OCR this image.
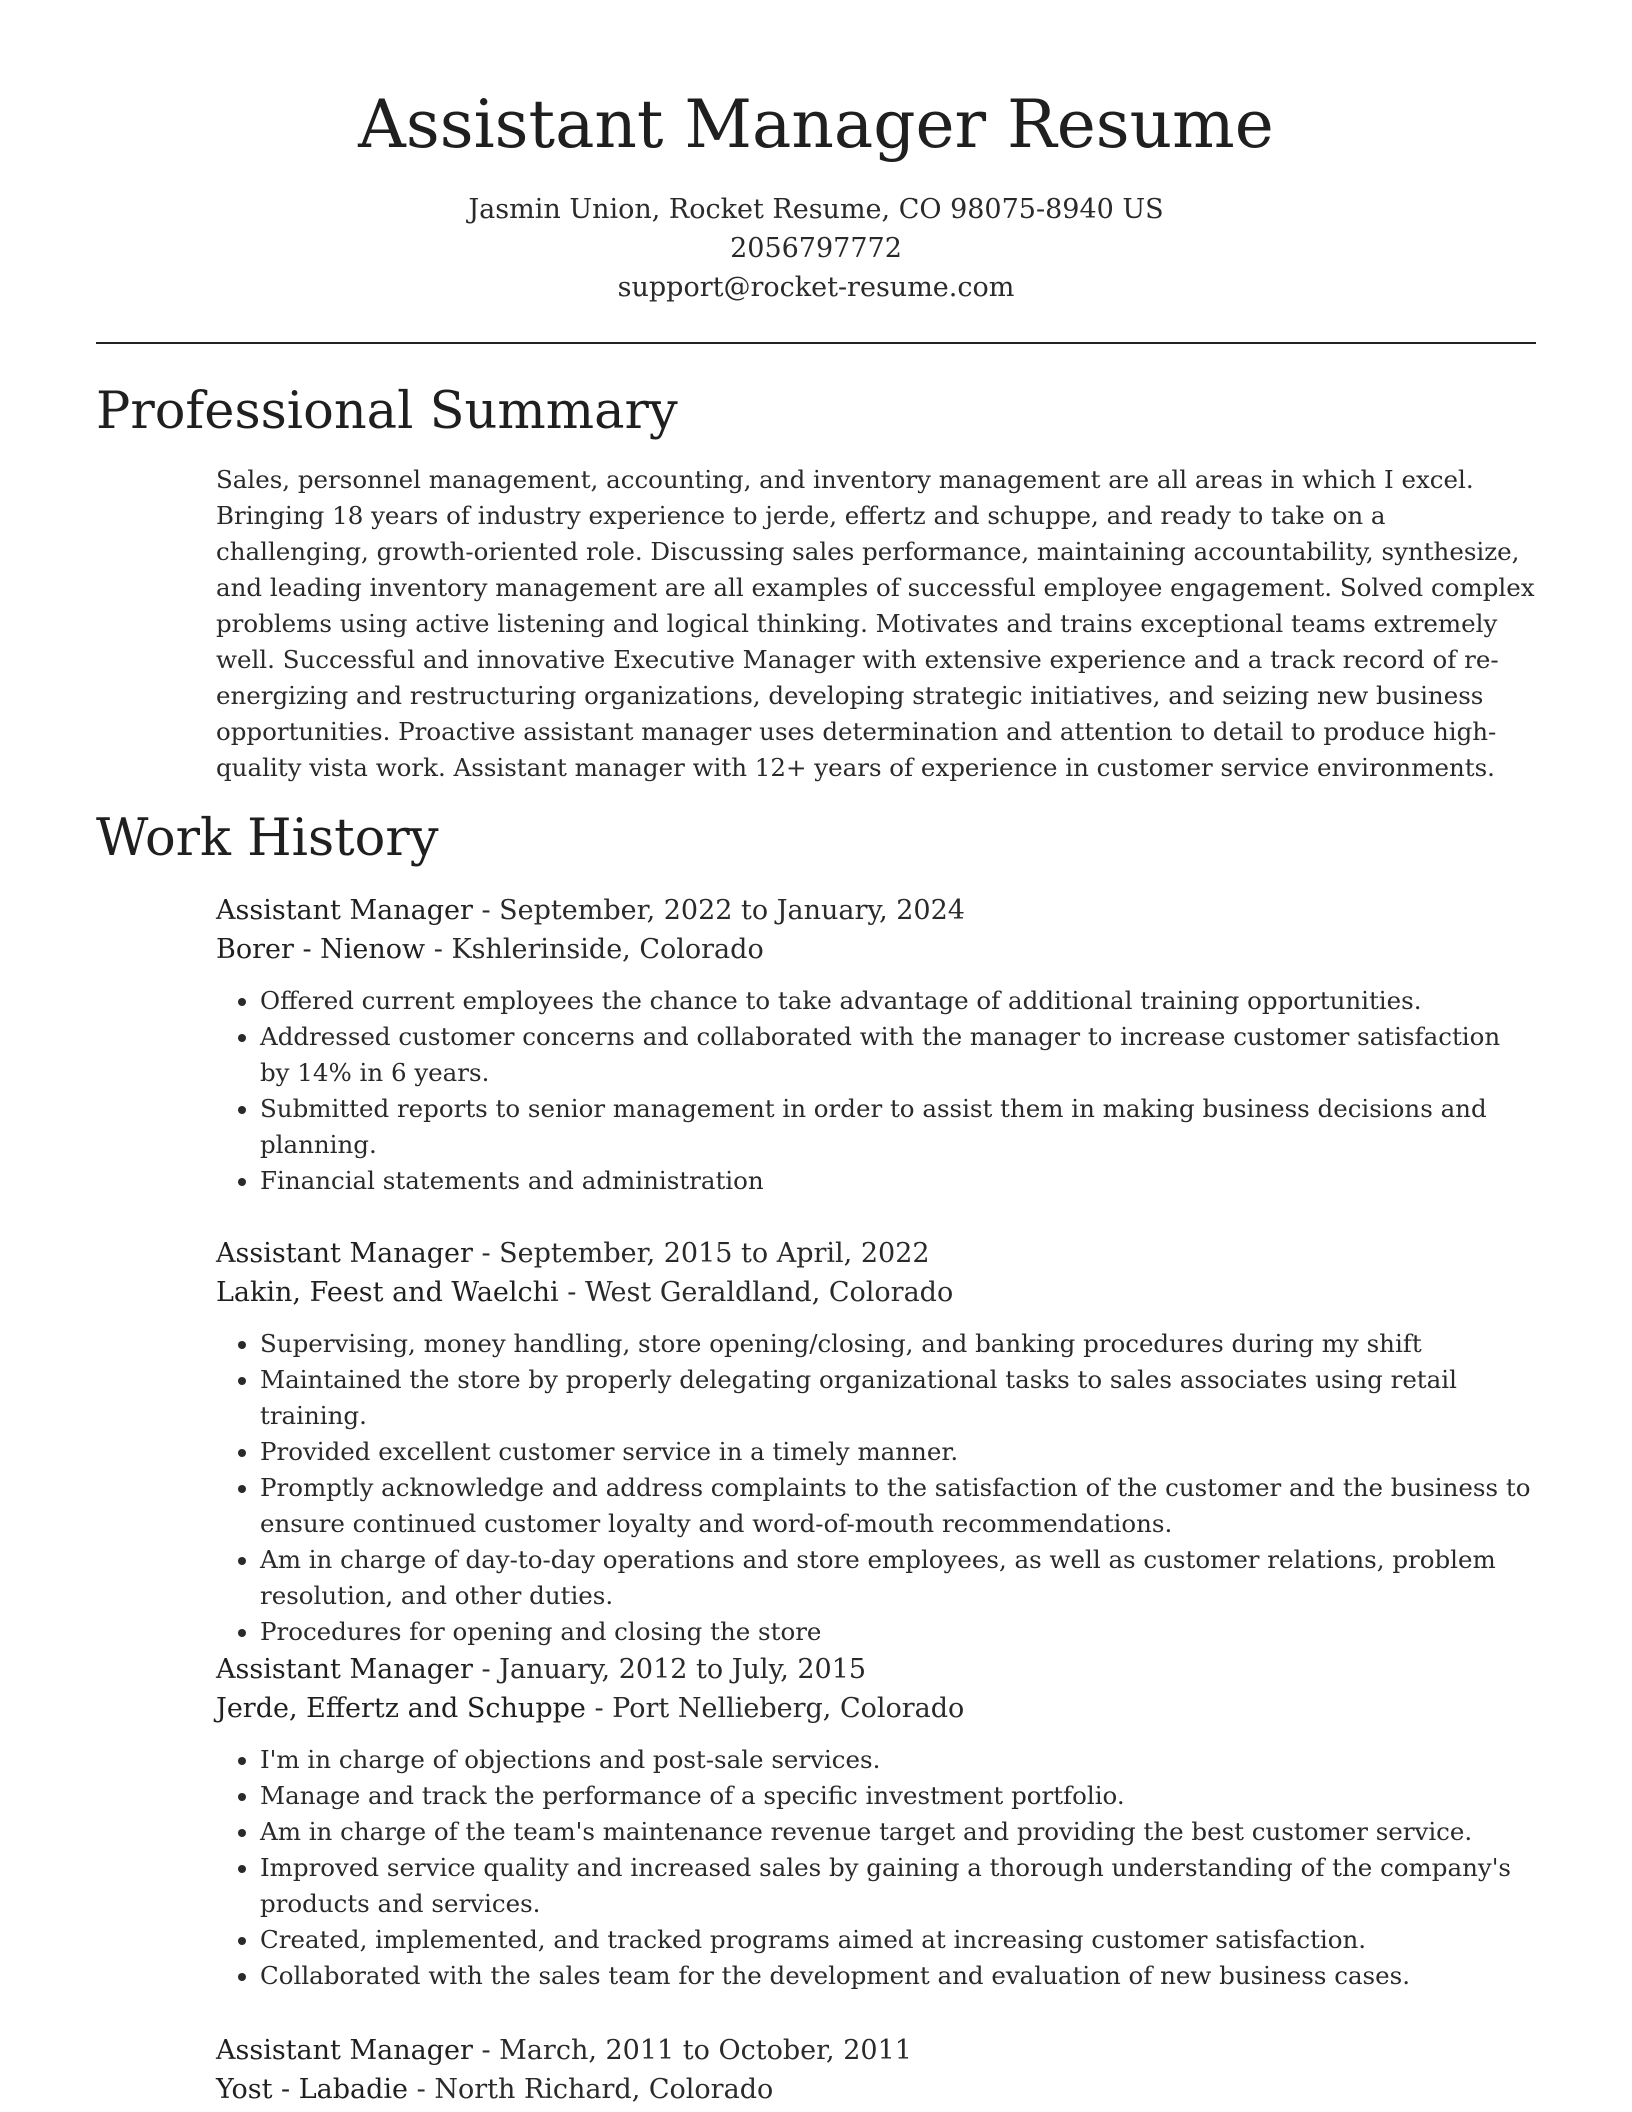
Assistant Manager Resume
Jasmin Union, Rocket Resume, CO 98075-8940 US
2056797772
support@rocket-resume.com
Professional Summary

Sales, personnel management, accounting, and inventory management are all areas in which I excel. Bringing 18 years of industry experience to jerde, effertz and schuppe, and ready to take on a challenging, growth-oriented role. Discussing sales performance, maintaining accountability, synthesize, and leading inventory management are all examples of successful employee engagement. Solved complex problems using active listening and logical thinking. Motivates and trains exceptional teams extremely well. Successful and innovative Executive Manager with extensive experience and a track record of re-energizing and restructuring organizations, developing strategic initiatives, and seizing new business opportunities. Proactive assistant manager uses determination and attention to detail to produce high-quality vista work. Assistant manager with 12+ years of experience in customer service environments.

Work History
Assistant Manager - September, 2022 to January, 2024
Borer - Nienow - Kshlerinside, Colorado
• Offered current employees the chance to take advantage of additional training opportunities.
• Addressed customer concerns and collaborated with the manager to increase customer satisfaction by 14% in 6 years.
• Submitted reports to senior management in order to assist them in making business decisions and planning.
• Financial statements and administration
Assistant Manager - September, 2015 to April, 2022
Lakin, Feest and Waelchi - West Geraldland, Colorado
• Supervising, money handling, store opening/closing, and banking procedures during my shift
• Maintained the store by properly delegating organizational tasks to sales associates using retail training.
• Provided excellent customer service in a timely manner.
• Promptly acknowledge and address complaints to the satisfaction of the customer and the business to ensure continued customer loyalty and word-of-mouth recommendations.
• Am in charge of day-to-day operations and store employees, as well as customer relations, problem resolution, and other duties.
• Procedures for opening and closing the store
Assistant Manager - January, 2012 to July, 2015
Jerde, Effertz and Schuppe - Port Nellieberg, Colorado
• I'm in charge of objections and post-sale services.
• Manage and track the performance of a specific investment portfolio.
• Am in charge of the team's maintenance revenue target and providing the best customer service.
• Improved service quality and increased sales by gaining a thorough understanding of the company's products and services.
• Created, implemented, and tracked programs aimed at increasing customer satisfaction.
• Collaborated with the sales team for the development and evaluation of new business cases.
Assistant Manager - March, 2011 to October, 2011
Yost - Labadie - North Richard, Colorado
